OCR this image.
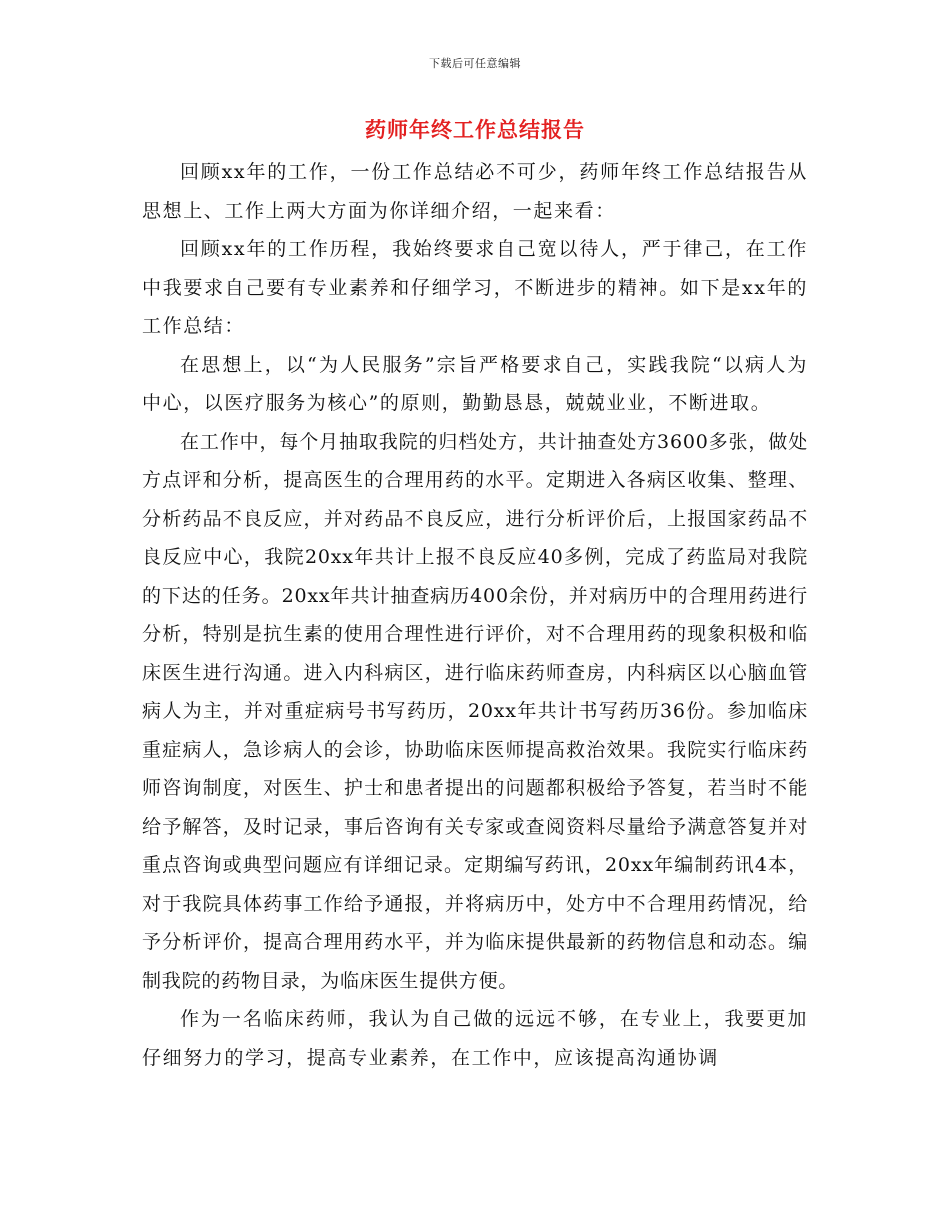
下载后可任意编辑
药师年终工作总结报告

回顾xx年的工作，一份工作总结必不可少，药师年终工作总结报告从思想上、工作上两大方面为你详细介绍，一起来看：

回顾xx年的工作历程，我始终要求自己宽以待人，严于律己，在工作中我要求自己要有专业素养和仔细学习，不断进步的精神。如下是xx年的工作总结：

在思想上，以“为人民服务”宗旨严格要求自己，实践我院“以病人为中心，以医疗服务为核心”的原则，勤勤恳恳，兢兢业业，不断进取。

在工作中，每个月抽取我院的归档处方，共计抽查处方3600多张，做处方点评和分析，提高医生的合理用药的水平。定期进入各病区收集、整理、分析药品不良反应，并对药品不良反应，进行分析评价后，上报国家药品不良反应中心，我院20xx年共计上报不良反应40多例，完成了药监局对我院的下达的任务。20xx年共计抽查病历400余份，并对病历中的合理用药进行分析，特别是抗生素的使用合理性进行评价，对不合理用药的现象积极和临床医生进行沟通。进入内科病区，进行临床药师查房，内科病区以心脑血管病人为主，并对重症病号书写药历，20xx年共计书写药历36份。参加临床重症病人，急诊病人的会诊，协助临床医师提高救治效果。我院实行临床药师咨询制度，对医生、护士和患者提出的问题都积极给予答复，若当时不能给予解答，及时记录，事后咨询有关专家或查阅资料尽量给予满意答复并对重点咨询或典型问题应有详细记录。定期编写药讯，20xx年编制药讯4本，对于我院具体药事工作给予通报，并将病历中，处方中不合理用药情况，给予分析评价，提高合理用药水平，并为临床提供最新的药物信息和动态。编制我院的药物目录，为临床医生提供方便。

作为一名临床药师，我认为自己做的远远不够，在专业上，我要更加仔细努力的学习，提高专业素养，在工作中，应该提高沟通协调
